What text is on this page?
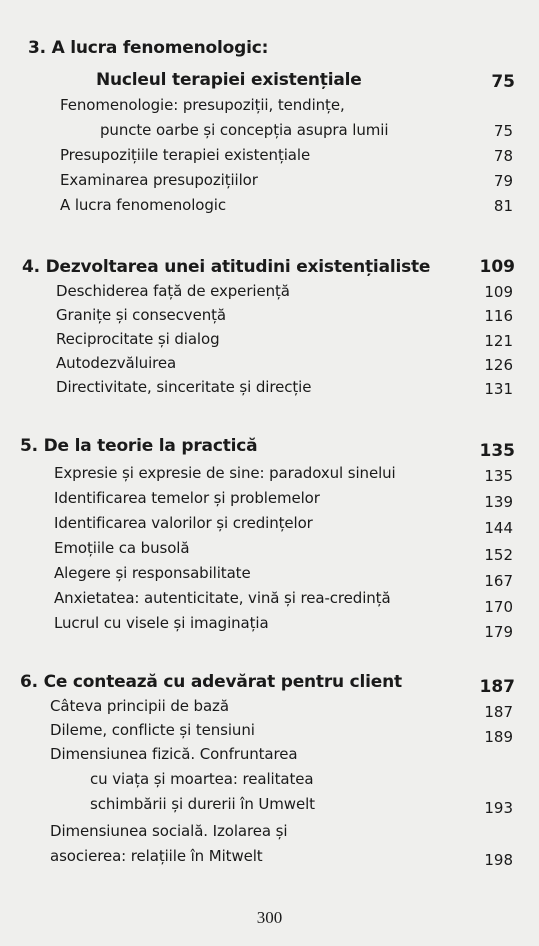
3. A lucra fenomenologic:
Nucleul terapiei existențiale	75
Fenomenologie: presupoziții, tendințe,
puncte oarbe și concepția asupra lumii	75
Presupozițiile terapiei existențiale	78
Examinarea presupozițiilor	79
A lucra fenomenologic	81
4. Dezvoltarea unei atitudini existențialiste	109
Deschiderea față de experiență	109
Granițe și consecvență	116
Reciprocitate și dialog	121
Autodezvăluirea	126
Directivitate, sinceritate și direcție	131
5. De la teorie la practică	135
Expresie și expresie de sine: paradoxul sinelui	135
Identificarea temelor și problemelor	139
Identificarea valorilor și credințelor	144
Emoțiile ca busolă	152
Alegere și responsabilitate	167
Anxietatea: autenticitate, vină și rea-credință	170
Lucrul cu visele și imaginația	179
6. Ce contează cu adevărat pentru client	187
Câteva principii de bază	187
Dileme, conflicte și tensiuni	189
Dimensiunea fizică. Confruntarea
cu viața și moartea: realitatea
schimbării și durerii în Umwelt	193
Dimensiunea socială. Izolarea și
asocierea: relațiile în Mitwelt	198
300
